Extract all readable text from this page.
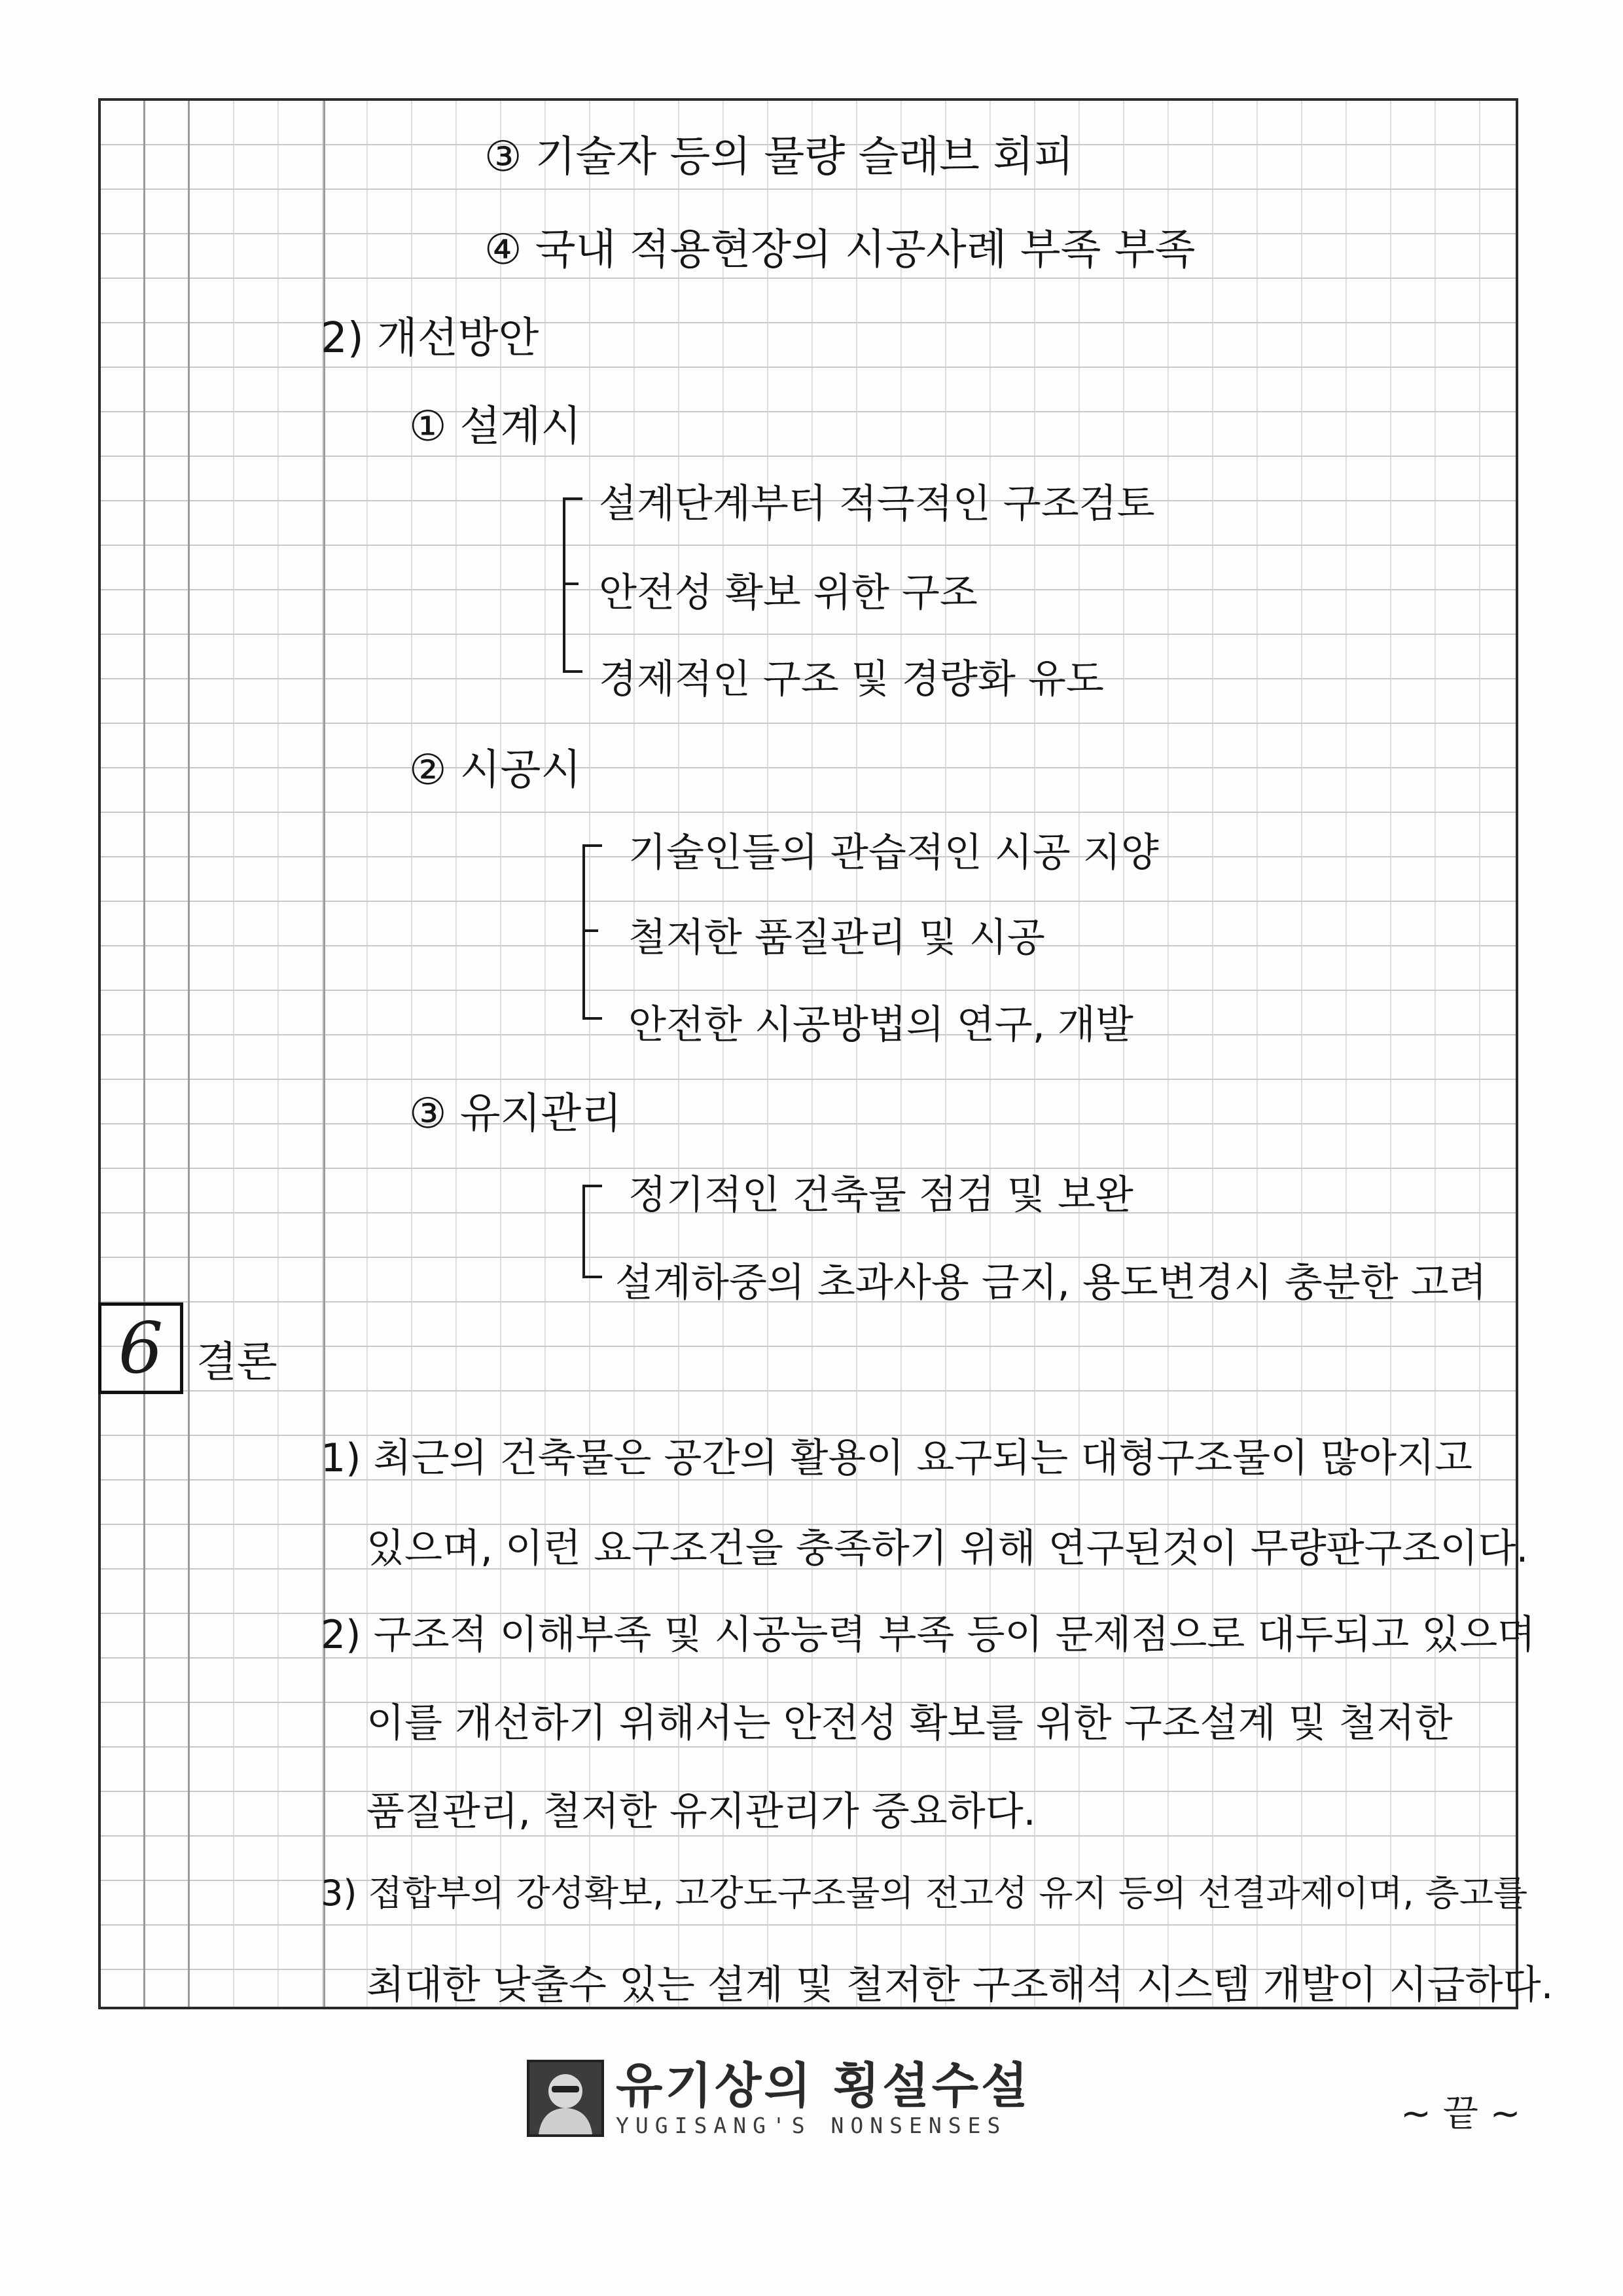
③ 기술자 등의 물량 슬래브 회피
④ 국내 적용현장의 시공사례 부족 부족
2) 개선방안
① 설계시
설계단계부터 적극적인 구조검토
안전성 확보 위한 구조
경제적인 구조 및 경량화 유도
② 시공시
기술인들의 관습적인 시공 지양
철저한 품질관리 및 시공
안전한 시공방법의 연구, 개발
③ 유지관리
정기적인 건축물 점검 및 보완
설계하중의 초과사용 금지, 용도변경시 충분한 고려
6 결론
1) 최근의 건축물은 공간의 활용이 요구되는 대형구조물이 많아지고
있으며, 이런 요구조건을 충족하기 위해 연구된것이 무량판구조이다.
2) 구조적 이해부족 및 시공능력 부족 등이 문제점으로 대두되고 있으며
이를 개선하기 위해서는 안전성 확보를 위한 구조설계 및 철저한
품질관리, 철저한 유지관리가 중요하다.
3) 접합부의 강성확보, 고강도구조물의 전고성 유지 등의 선결과제이며, 층고를
최대한 낮출수 있는 설계 및 철저한 구조해석 시스템 개발이 시급하다.
유기상의 횡설수설
YUGISANG'S NONSENSES	~ 끝 ~
